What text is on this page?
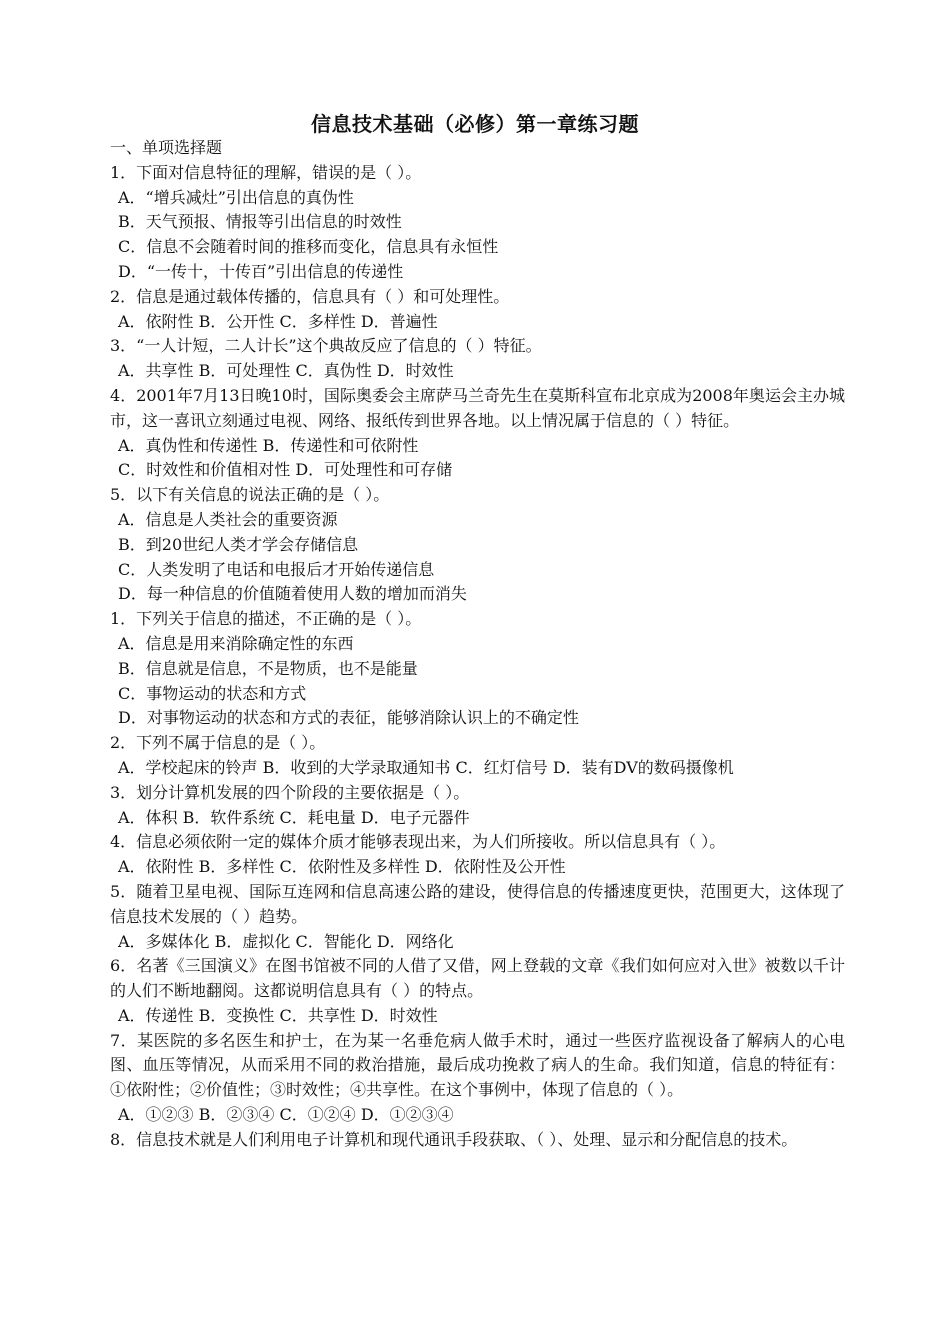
信息技术基础（必修）第一章练习题
一、单项选择题
1．下面对信息特征的理解，错误的是（ ）。
A．“增兵减灶”引出信息的真伪性
B．天气预报、情报等引出信息的时效性
C．信息不会随着时间的推移而变化，信息具有永恒性
D．“一传十，十传百”引出信息的传递性
2．信息是通过载体传播的，信息具有（ ）和可处理性。
A．依附性 B．公开性 C．多样性 D．普遍性
3．“一人计短，二人计长”这个典故反应了信息的（ ）特征。
A．共享性 B．可处理性 C．真伪性 D．时效性
4．2001年7月13日晚10时，国际奥委会主席萨马兰奇先生在莫斯科宣布北京成为2008年奥运会主办城市，这一喜讯立刻通过电视、网络、报纸传到世界各地。以上情况属于信息的（ ）特征。
A．真伪性和传递性 B．传递性和可依附性
C．时效性和价值相对性 D．可处理性和可存储
5．以下有关信息的说法正确的是（ ）。
A．信息是人类社会的重要资源
B．到20世纪人类才学会存储信息
C．人类发明了电话和电报后才开始传递信息
D．每一种信息的价值随着使用人数的增加而消失
1．下列关于信息的描述，不正确的是（ ）。
A．信息是用来消除确定性的东西
B．信息就是信息，不是物质，也不是能量
C．事物运动的状态和方式
D．对事物运动的状态和方式的表征，能够消除认识上的不确定性
2．下列不属于信息的是（ ）。
A．学校起床的铃声 B．收到的大学录取通知书 C．红灯信号 D．装有DV的数码摄像机
3．划分计算机发展的四个阶段的主要依据是（ ）。
A．体积 B．软件系统 C．耗电量 D．电子元器件
4．信息必须依附一定的媒体介质才能够表现出来，为人们所接收。所以信息具有（ ）。
A．依附性 B．多样性 C．依附性及多样性 D．依附性及公开性
5．随着卫星电视、国际互连网和信息高速公路的建设，使得信息的传播速度更快，范围更大，这体现了信息技术发展的（ ）趋势。
A．多媒体化 B．虚拟化 C．智能化 D．网络化
6．名著《三国演义》在图书馆被不同的人借了又借，网上登载的文章《我们如何应对入世》被数以千计的人们不断地翻阅。这都说明信息具有（ ）的特点。
A．传递性 B．变换性 C．共享性 D．时效性
7．某医院的多名医生和护士，在为某一名垂危病人做手术时，通过一些医疗监视设备了解病人的心电图、血压等情况，从而采用不同的救治措施，最后成功挽救了病人的生命。我们知道，信息的特征有：①依附性；②价值性；③时效性；④共享性。在这个事例中，体现了信息的（ ）。
A．①②③ B．②③④ C．①②④ D．①②③④
8．信息技术就是人们利用电子计算机和现代通讯手段获取、（ ）、处理、显示和分配信息的技术。
